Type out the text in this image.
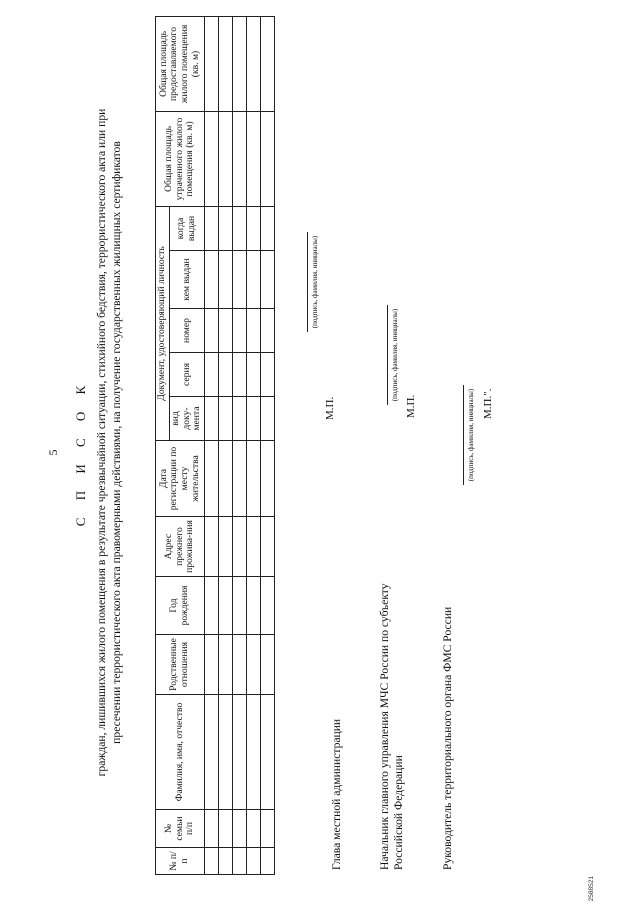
5 С П И С О К граждан, лишившихся жилого помещения в результате чрезвычайной ситуации, стихийного бедствия, террористического акта или при пресечении террористического акта правомерными действиями, на получение государственных жилищных сертификатов
№ п/п	№ семьи п/п	Фамилия, имя, отчество	Родственные отношения	Год рождения	Адрес прежнего прожива-ния	Дата регистрации по месту жительства	Документ, удостоверяющий личность					Общая площадь утраченного жилого помещения (кв. м)	Общая площадь предоставляемого жилого помещения (кв. м)
							вид доку-мента	серия	номер	кем выдан	когда выдан		

Глава местной администрации
(подпись, фамилия, инициалы)
М.П.
Начальник главного управления МЧС России по субъекту Российской Федерации
(подпись, фамилия, инициалы)
М.П.
Руководитель территориального органа ФМС России
(подпись, фамилия, инициалы) М.П.".
2588521
